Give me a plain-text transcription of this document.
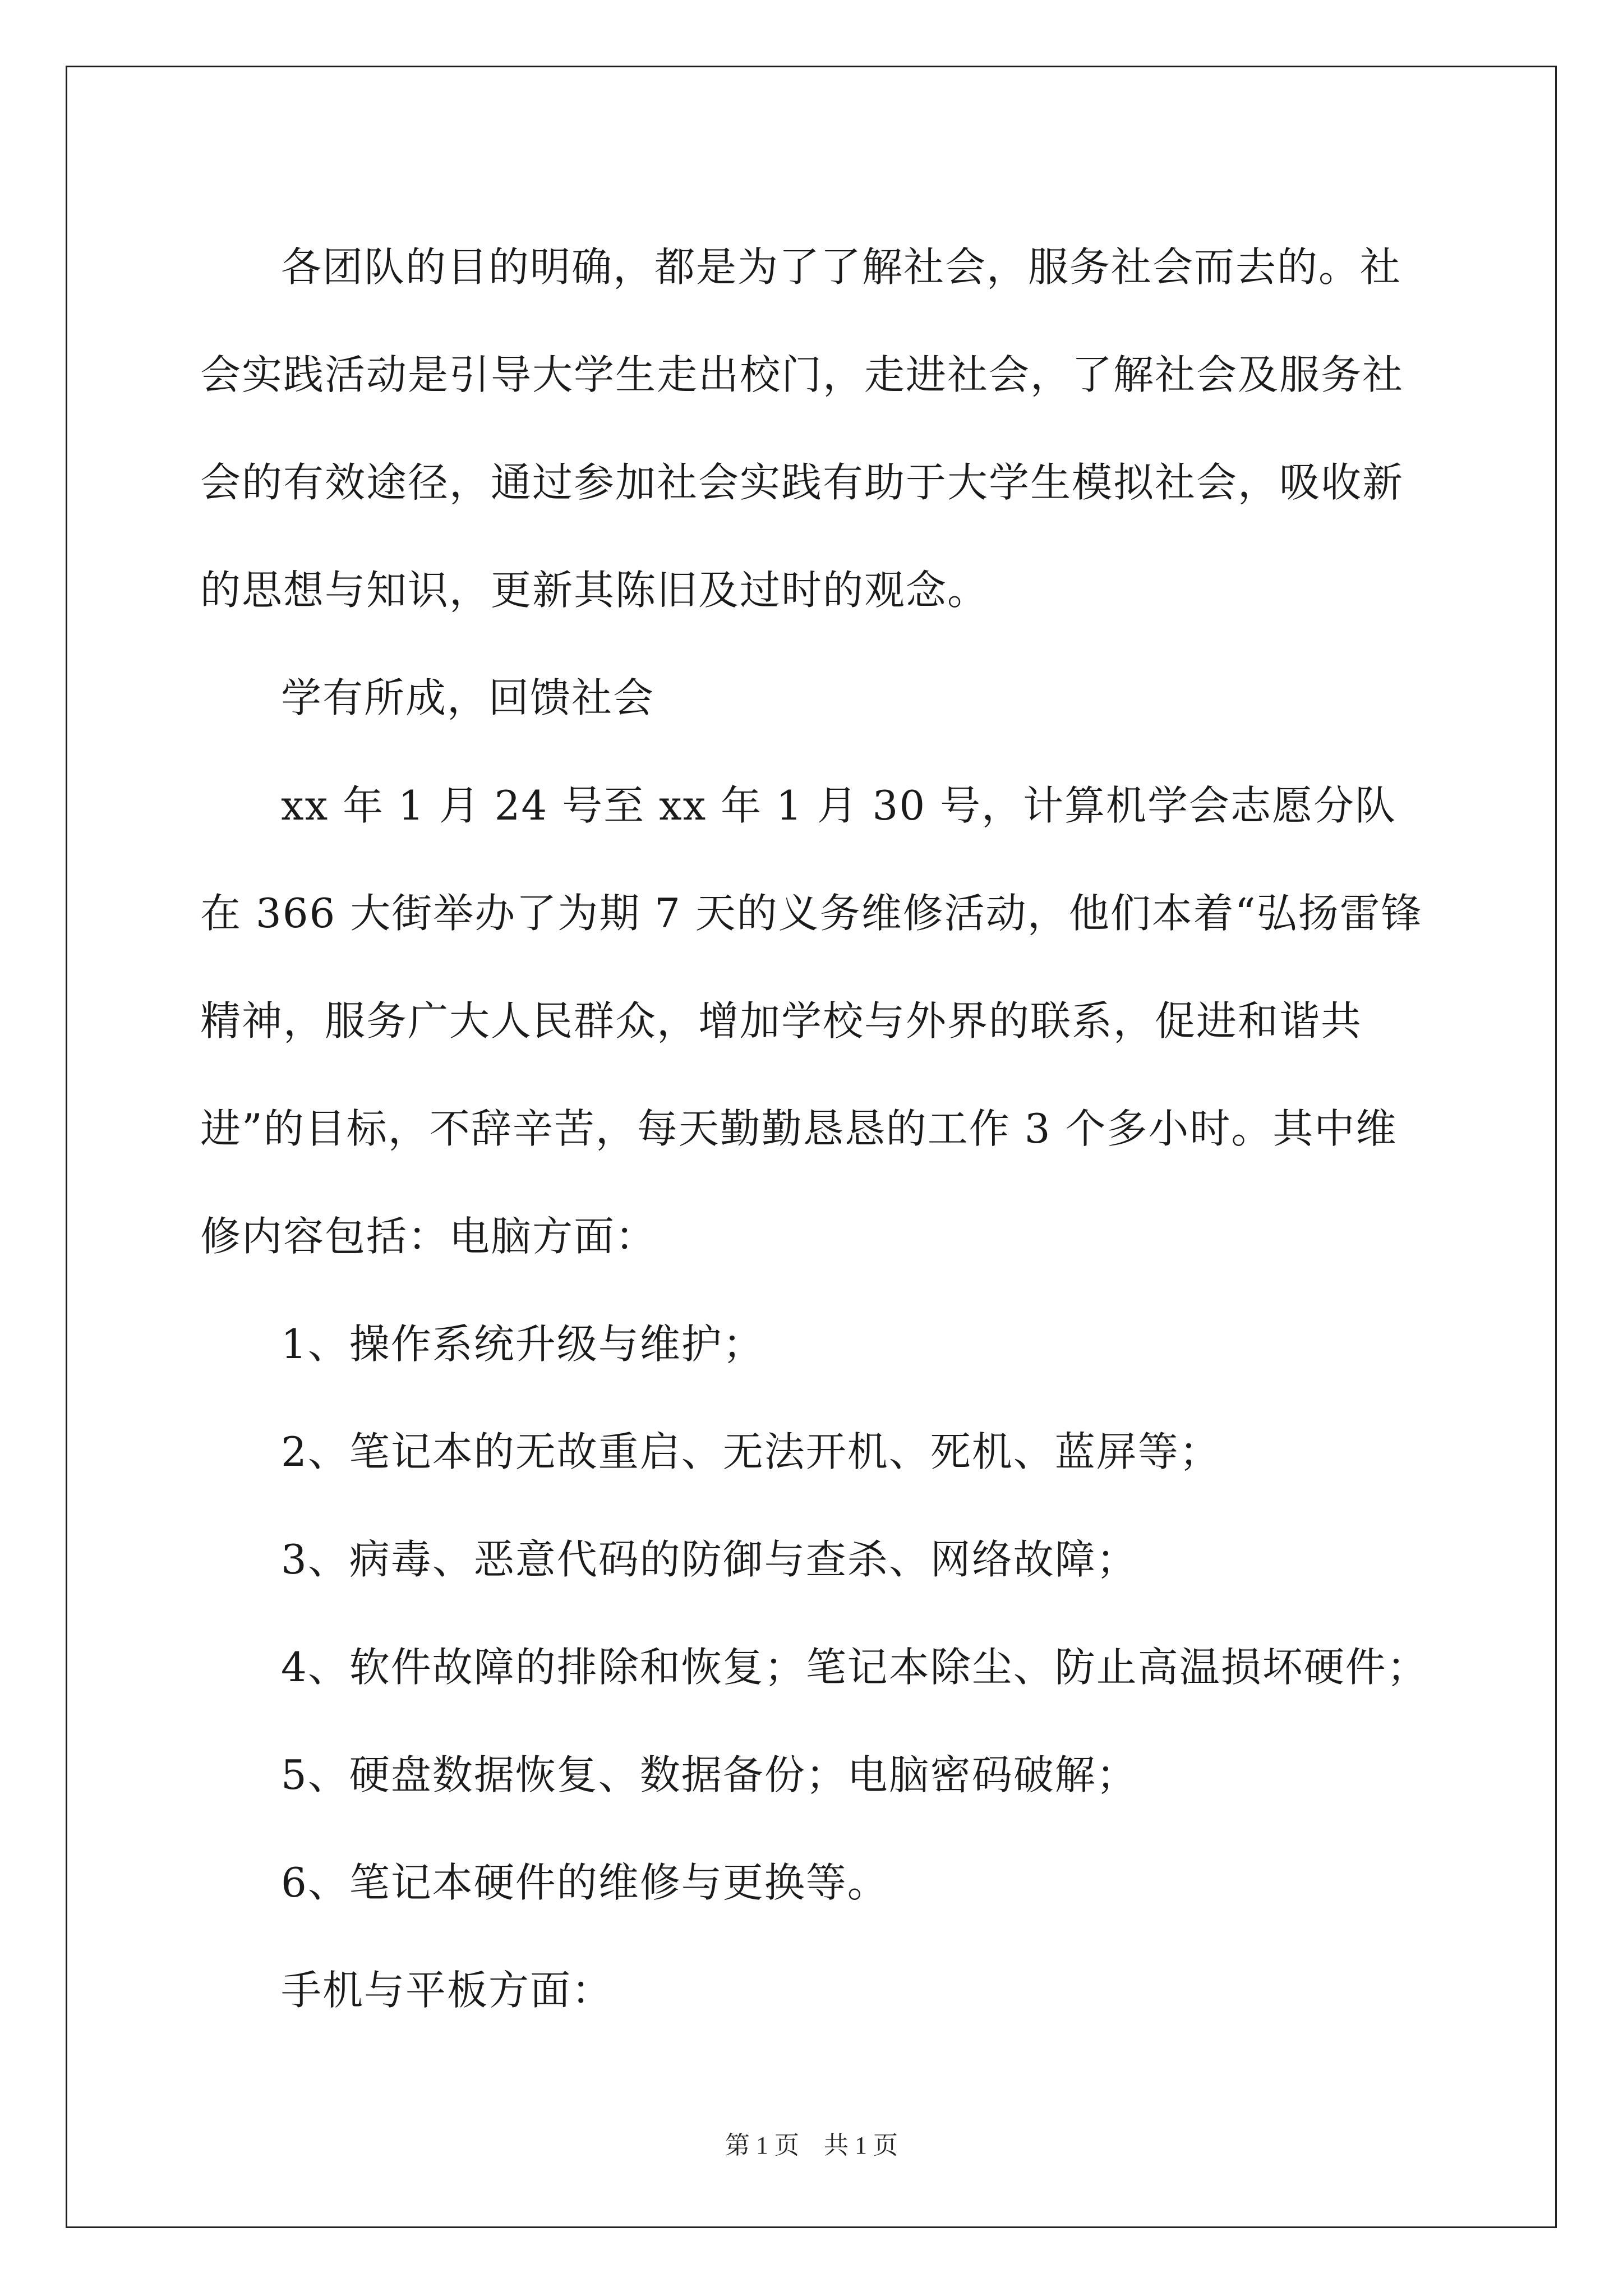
各团队的目的明确，都是为了了解社会，服务社会而去的。社会实践活动是引导大学生走出校门，走进社会，了解社会及服务社会的有效途径，通过参加社会实践有助于大学生模拟社会，吸收新的思想与知识，更新其陈旧及过时的观念。

学有所成，回馈社会

xx 年 1 月 24 号至 xx 年 1 月 30 号，计算机学会志愿分队在 366 大街举办了为期 7 天的义务维修活动，他们本着“弘扬雷锋精神，服务广大人民群众，增加学校与外界的联系，促进和谐共进”的目标，不辞辛苦，每天勤勤恳恳的工作 3 个多小时。其中维修内容包括：电脑方面：

1、操作系统升级与维护；

2、笔记本的无故重启、无法开机、死机、蓝屏等；

3、病毒、恶意代码的防御与查杀、网络故障；

4、软件故障的排除和恢复；笔记本除尘、防止高温损坏硬件；

5、硬盘数据恢复、数据备份；电脑密码破解；

6、笔记本硬件的维修与更换等。

手机与平板方面：

第 1 页 共 1 页
